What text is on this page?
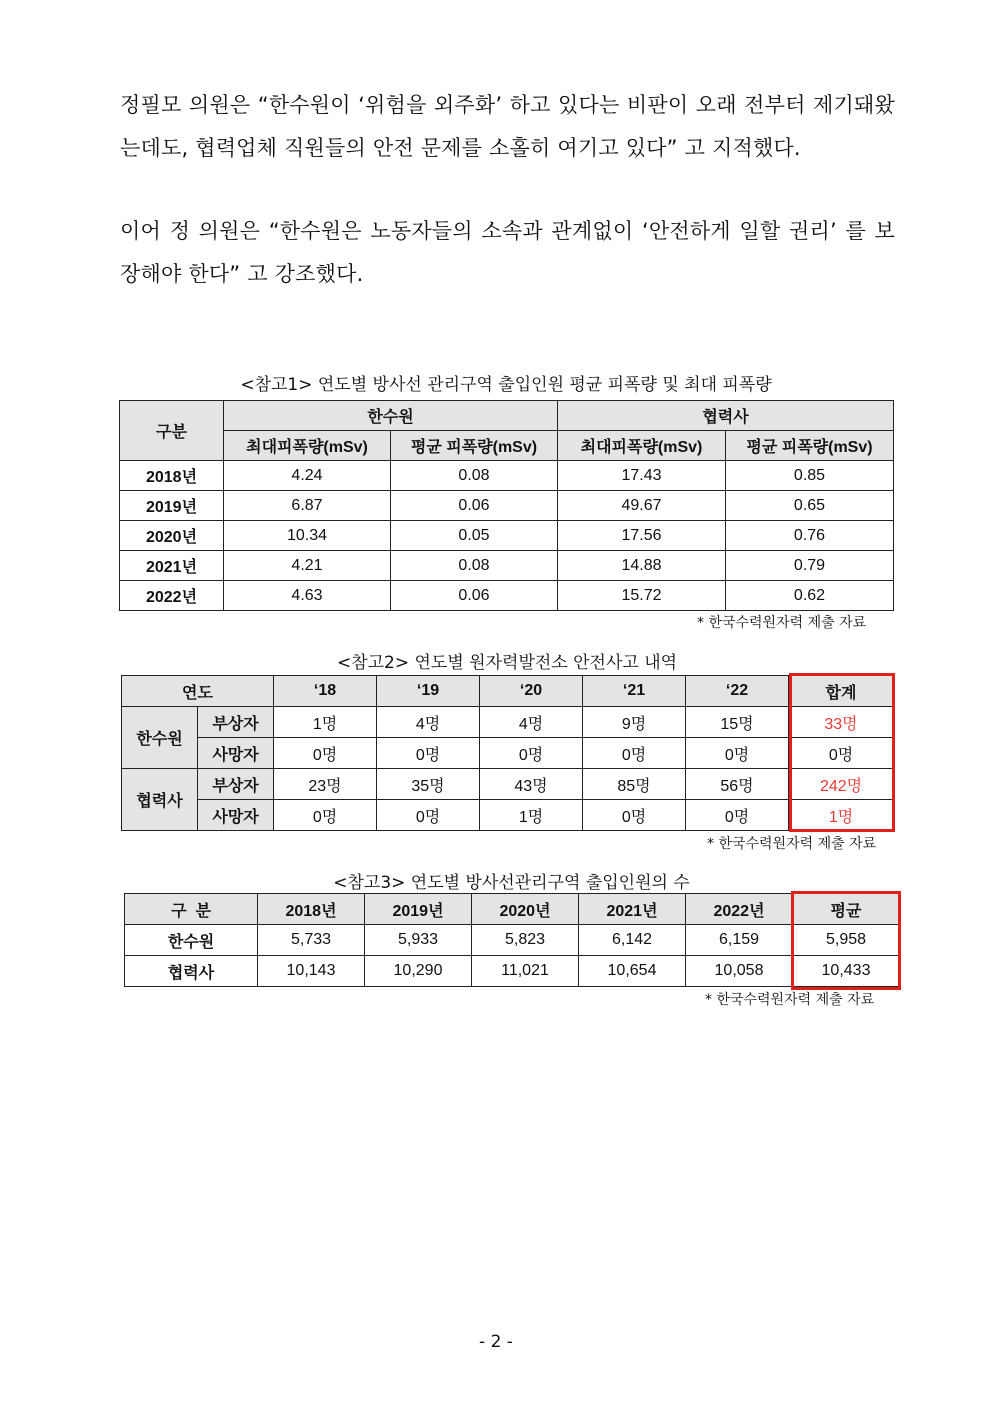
정필모 의원은 “한수원이 ‘위험을 외주화’ 하고 있다는 비판이 오래 전부터 제기돼왔는데도, 협력업체 직원들의 안전 문제를 소홀히 여기고 있다” 고 지적했다.
이어 정 의원은 “한수원은 노동자들의 소속과 관계없이 ‘안전하게 일할 권리’ 를 보장해야 한다” 고 강조했다.
<참고1> 연도별 방사선 관리구역 출입인원 평균 피폭량 및 최대 피폭량
구분	한수원		협력사	
	최대피폭량(mSv)	평균 피폭량(mSv)	최대피폭량(mSv)	평균 피폭량(mSv)
2018년	4.24	0.08	17.43	0.85
2019년	6.87	0.06	49.67	0.65
2020년	10.34	0.05	17.56	0.76
2021년	4.21	0.08	14.88	0.79
2022년	4.63	0.06	15.72	0.62
* 한국수력원자력 제출 자료
<참고2> 연도별 원자력발전소 안전사고 내역
연도		‘18	‘19	‘20	‘21	‘22	합계
한수원	부상자	1명	4명	4명	9명	15명	33명
	사망자	0명	0명	0명	0명	0명	0명
협력사	부상자	23명	35명	43명	85명	56명	242명
	사망자	0명	0명	1명	0명	0명	1명
* 한국수력원자력 제출 자료
<참고3> 연도별 방사선관리구역 출입인원의 수
구  분	2018년	2019년	2020년	2021년	2022년	평균
한수원	5,733	5,933	5,823	6,142	6,159	5,958
협력사	10,143	10,290	11,021	10,654	10,058	10,433
* 한국수력원자력 제출 자료
- 2 -
